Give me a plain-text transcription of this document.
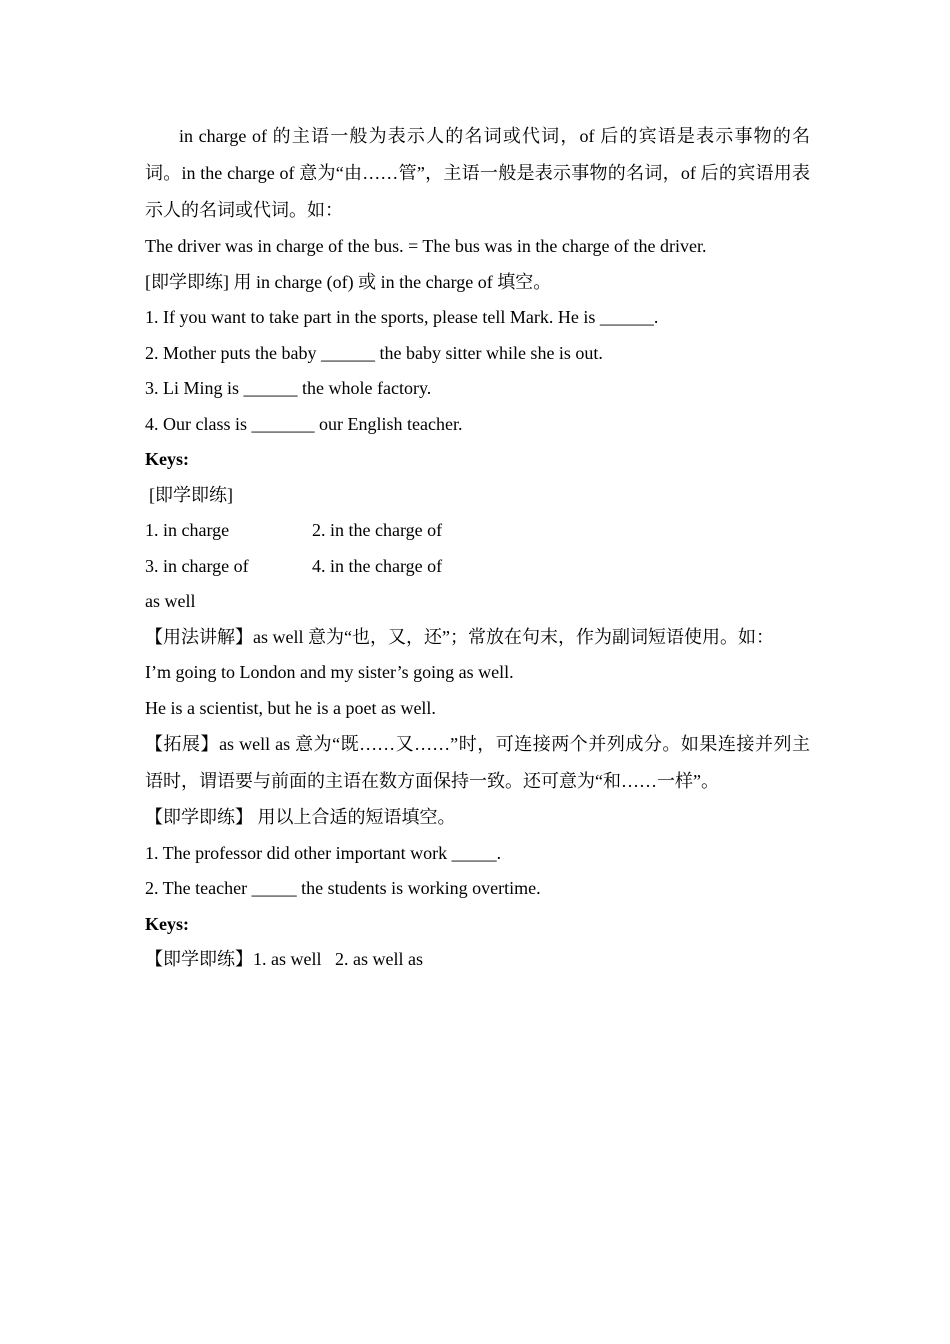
in charge of 的主语一般为表示人的名词或代词，of 后的宾语是表示事物的名词。in the charge of 意为“由……管”，主语一般是表示事物的名词，of 后的宾语用表示人的名词或代词。如：
The driver was in charge of the bus. = The bus was in the charge of the driver.
[即学即练] 用 in charge (of) 或 in the charge of 填空。
1. If you want to take part in the sports, please tell Mark. He is ______.
2. Mother puts the baby ______ the baby sitter while she is out.
3. Li Ming is ______ the whole factory.
4. Our class is _______ our English teacher.
Keys:
[即学即练]
1. in charge	2. in the charge of
3. in charge of	4. in the charge of
as well
【用法讲解】as well 意为“也，又，还”；常放在句末，作为副词短语使用。如：
I’m going to London and my sister’s going as well.
He is a scientist, but he is a poet as well.
【拓展】as well as 意为“既……又……”时，可连接两个并列成分。如果连接并列主语时，谓语要与前面的主语在数方面保持一致。还可意为“和……一样”。
【即学即练】 用以上合适的短语填空。
1. The professor did other important work _____.
2. The teacher _____ the students is working overtime.
Keys:
【即学即练】1. as well   2. as well as
